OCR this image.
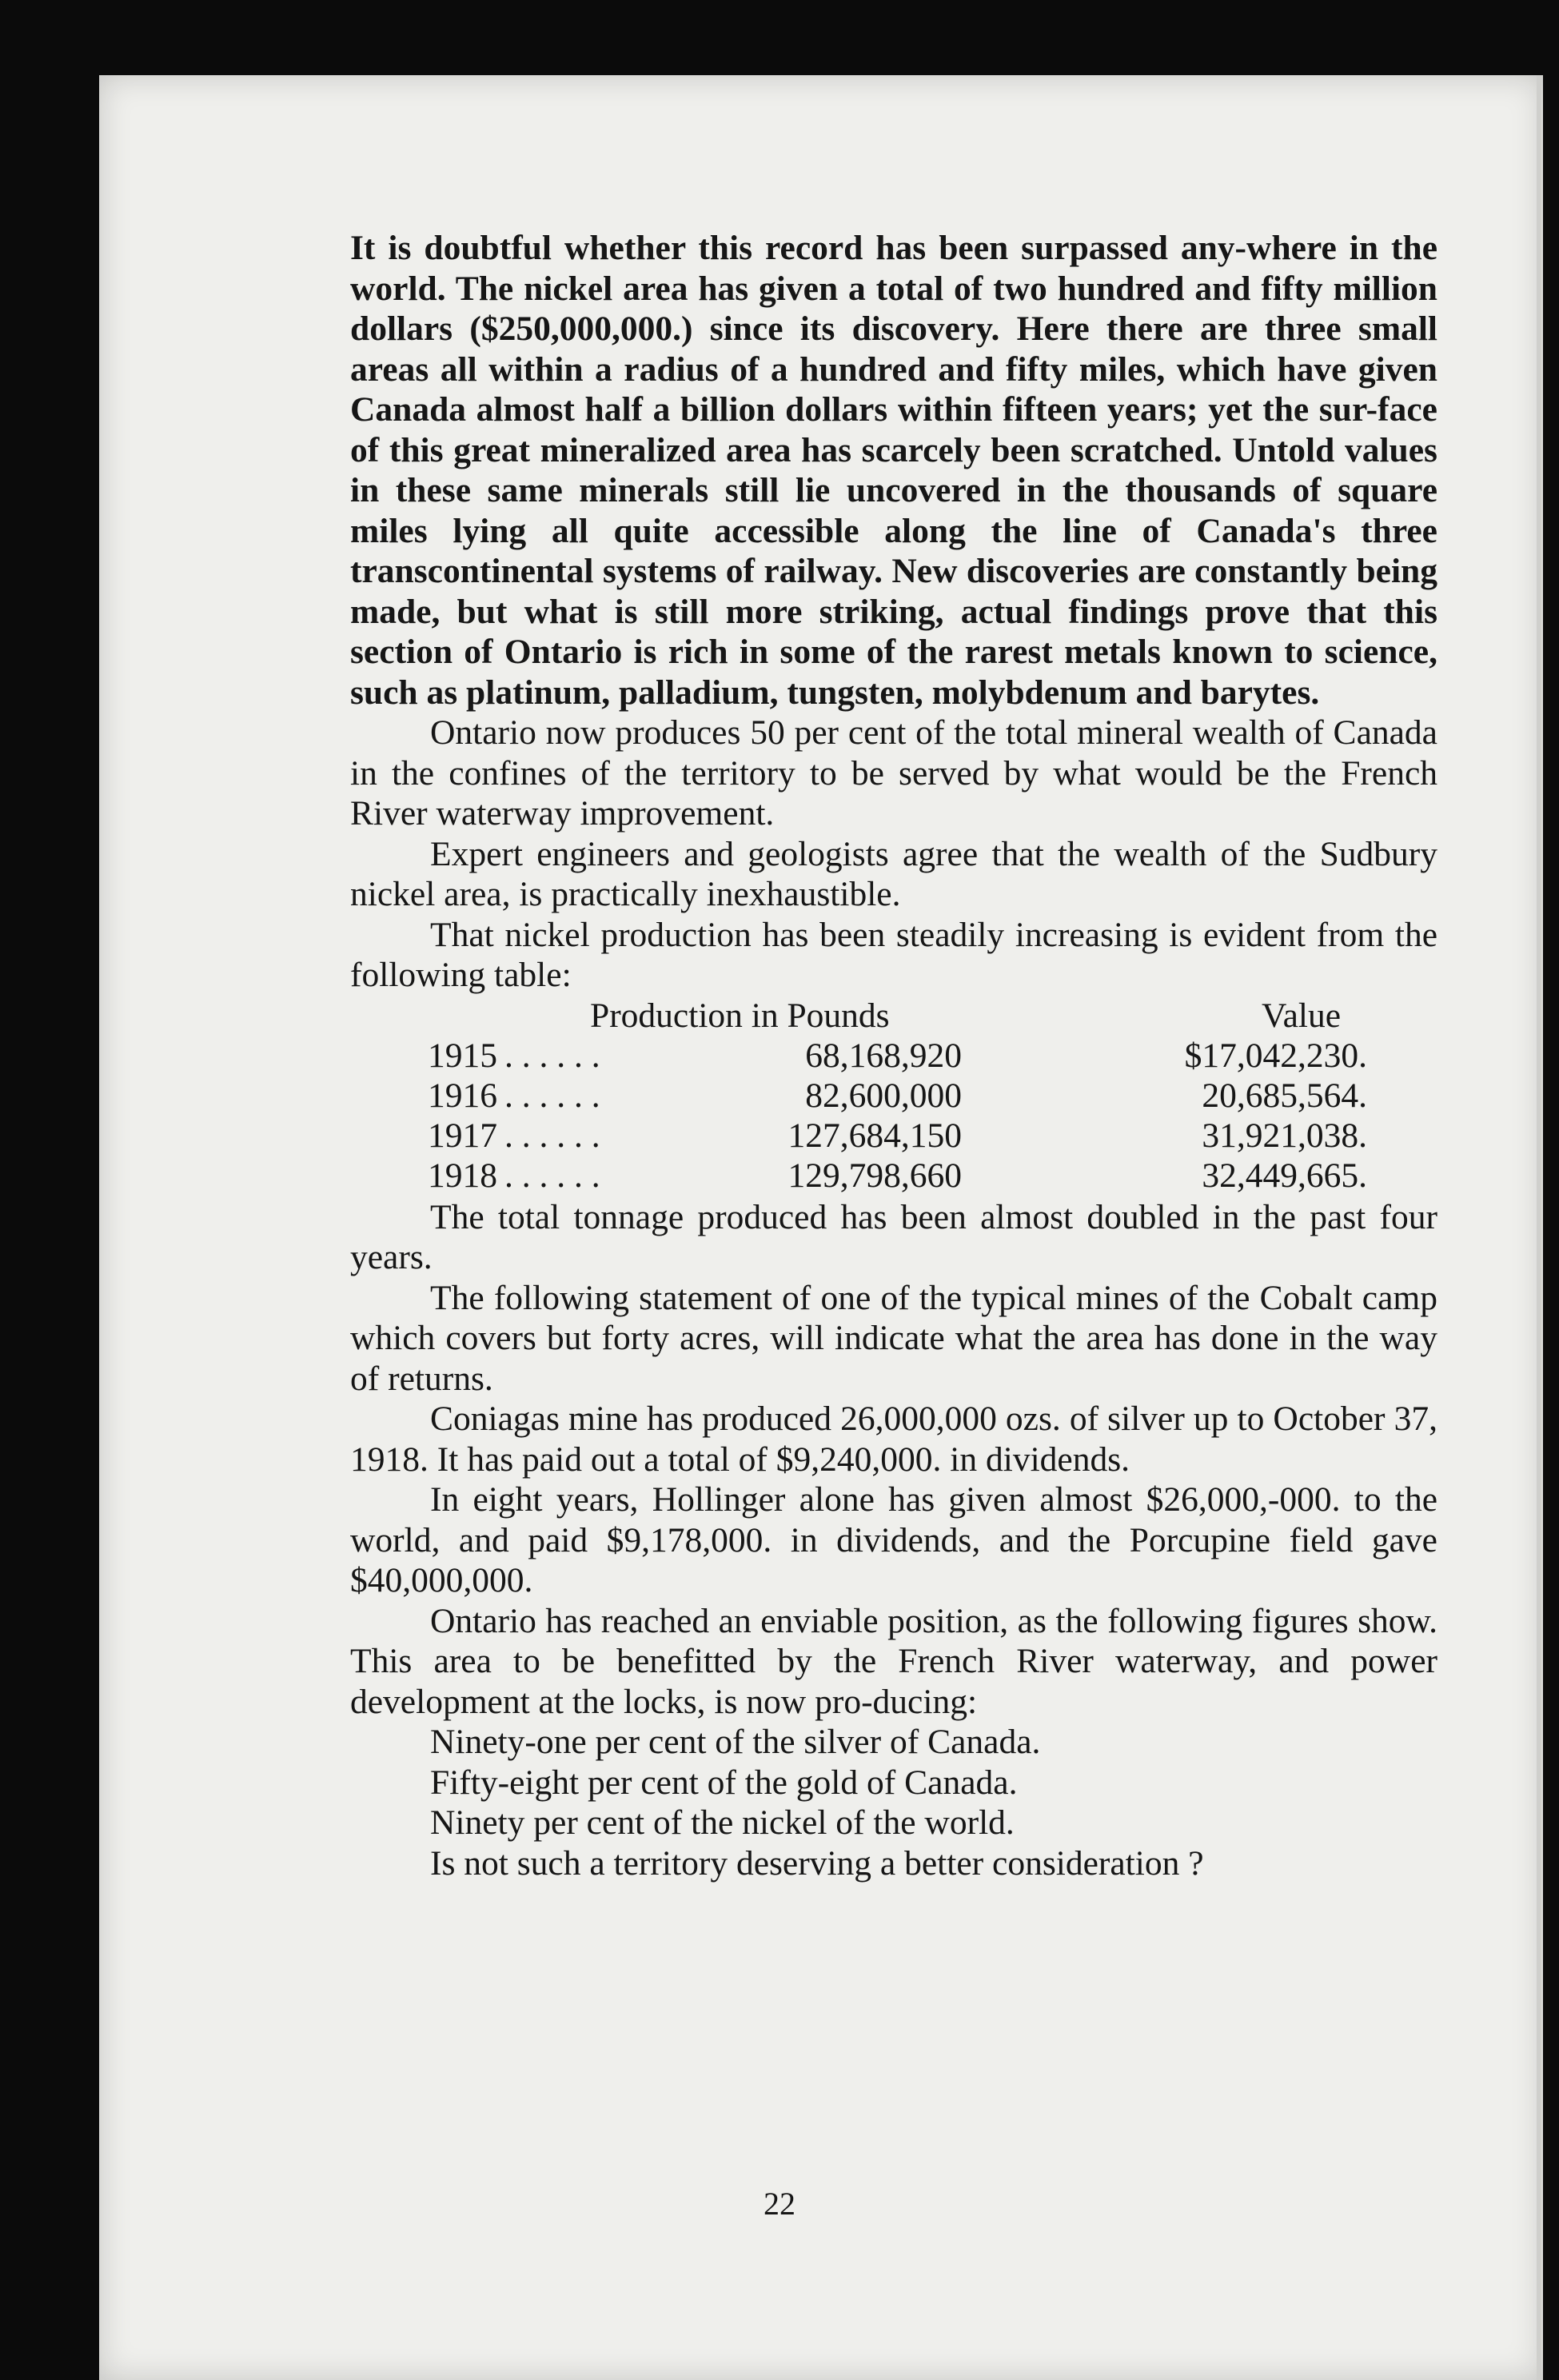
It is doubtful whether this record has been surpassed any-where in the world. The nickel area has given a total of two hundred and fifty million dollars ($250,000,000.) since its discovery. Here there are three small areas all within a radius of a hundred and fifty miles, which have given Canada almost half a billion dollars within fifteen years; yet the sur-face of this great mineralized area has scarcely been scratched. Untold values in these same minerals still lie uncovered in the thousands of square miles lying all quite accessible along the line of Canada's three transcontinental systems of railway. New discoveries are constantly being made, but what is still more striking, actual findings prove that this section of Ontario is rich in some of the rarest metals known to science, such as platinum, palladium, tungsten, molybdenum and barytes.

Ontario now produces 50 per cent of the total mineral wealth of Canada in the confines of the territory to be served by what would be the French River waterway improvement.

Expert engineers and geologists agree that the wealth of the Sudbury nickel area, is practically inexhaustible.

That nickel production has been steadily increasing is evident from the following table:

Production in Pounds	Value
1915 . . . . . .	68,168,920	$17,042,230.
1916 . . . . . .	82,600,000	20,685,564.
1917 . . . . . .	127,684,150	31,921,038.
1918 . . . . . .	129,798,660	32,449,665.

The total tonnage produced has been almost doubled in the past four years.

The following statement of one of the typical mines of the Cobalt camp which covers but forty acres, will indicate what the area has done in the way of returns.

Coniagas mine has produced 26,000,000 ozs. of silver up to October 37, 1918. It has paid out a total of $9,240,000. in dividends.

In eight years, Hollinger alone has given almost $26,000,-000. to the world, and paid $9,178,000. in dividends, and the Porcupine field gave $40,000,000.

Ontario has reached an enviable position, as the following figures show. This area to be benefitted by the French River waterway, and power development at the locks, is now pro-ducing:

Ninety-one per cent of the silver of Canada.
Fifty-eight per cent of the gold of Canada.
Ninety per cent of the nickel of the world.
Is not such a territory deserving a better consideration ?
22
